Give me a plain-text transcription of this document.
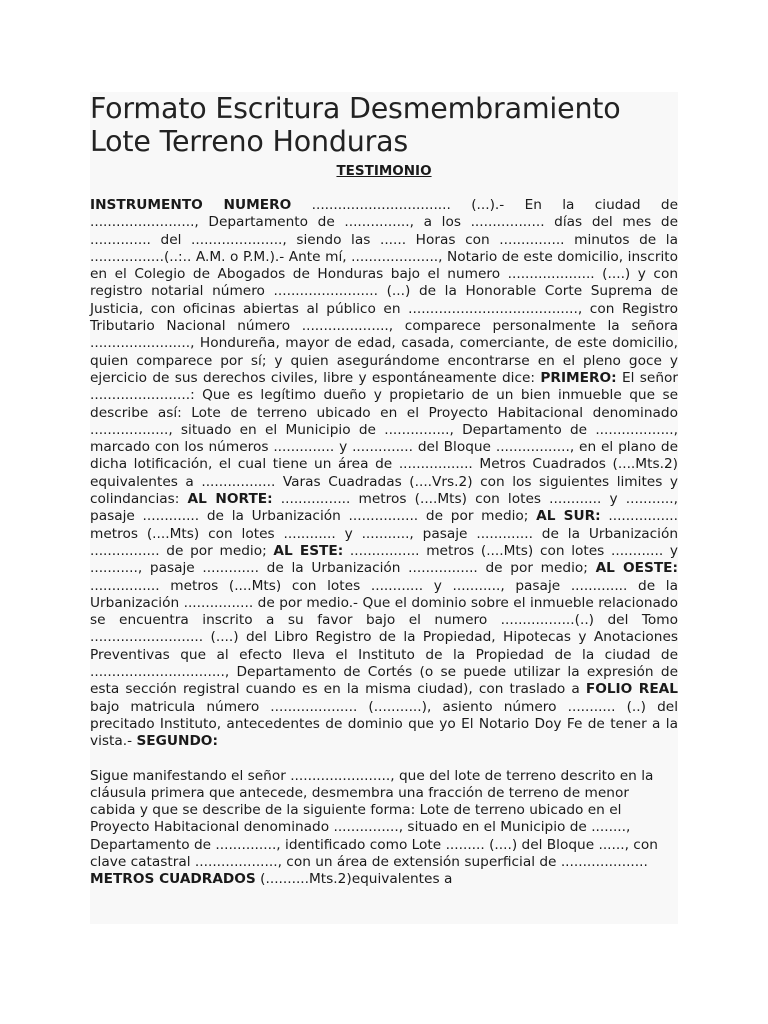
Formato Escritura Desmembramiento Lote Terreno Honduras
TESTIMONIO

INSTRUMENTO NUMERO ................................ (...).- En la ciudad de ........................, Departamento de ..............., a los ................. días del mes de .............. del ....................., siendo las ...... Horas con ............... minutos de la .................(..:.. A.M. o P.M.).- Ante mí, ...................., Notario de este domicilio, inscrito en el Colegio de Abogados de Honduras bajo el numero .................... (....) y con registro notarial número ........................ (...) de la Honorable Corte Suprema de Justicia, con oficinas abiertas al público en ......................................., con Registro Tributario Nacional número ...................., comparece personalmente la señora ......................., Hondureña, mayor de edad, casada, comerciante, de este domicilio, quien comparece por sí; y quien asegurándome encontrarse en el pleno goce y ejercicio de sus derechos civiles, libre y espontáneamente dice: PRIMERO: El señor .......................: Que es legítimo dueño y propietario de un bien inmueble que se describe así: Lote de terreno ubicado en el Proyecto Habitacional denominado .................., situado en el Municipio de ..............., Departamento de .................., marcado con los números .............. y .............. del Bloque ................., en el plano de dicha lotificación, el cual tiene un área de ................. Metros Cuadrados (....Mts.2) equivalentes a ................. Varas Cuadradas (....Vrs.2) con los siguientes limites y colindancias: AL NORTE: ................ metros (....Mts) con lotes ............ y ..........., pasaje ............. de la Urbanización ................ de por medio; AL SUR: ................ metros (....Mts) con lotes ............ y ..........., pasaje ............. de la Urbanización ................ de por medio; AL ESTE: ................ metros (....Mts) con lotes ............ y ..........., pasaje ............. de la Urbanización ................ de por medio; AL OESTE: ................ metros (....Mts) con lotes ............ y ..........., pasaje ............. de la Urbanización ................ de por medio.- Que el dominio sobre el inmueble relacionado se encuentra inscrito a su favor bajo el numero .................(..) del Tomo .......................... (....) del Libro Registro de la Propiedad, Hipotecas y Anotaciones Preventivas que al efecto lleva el Instituto de la Propiedad de la ciudad de ..............................., Departamento de Cortés (o se puede utilizar la expresión de esta sección registral cuando es en la misma ciudad), con traslado a FOLIO REAL bajo matricula número .................... (...........), asiento número ........... (..) del precitado Instituto, antecedentes de dominio que yo El Notario Doy Fe de tener a la vista.- SEGUNDO:

Sigue manifestando el señor ......................., que del lote de terreno descrito en la cláusula primera que antecede, desmembra una fracción de terreno de menor cabida y que se describe de la siguiente forma: Lote de terreno ubicado en el Proyecto Habitacional denominado ..............., situado en el Municipio de ........, Departamento de .............., identificado como Lote ......... (....) del Bloque ......, con clave catastral ..................., con un área de extensión superficial de .................... METROS CUADRADOS (..........Mts.2)equivalentes a
